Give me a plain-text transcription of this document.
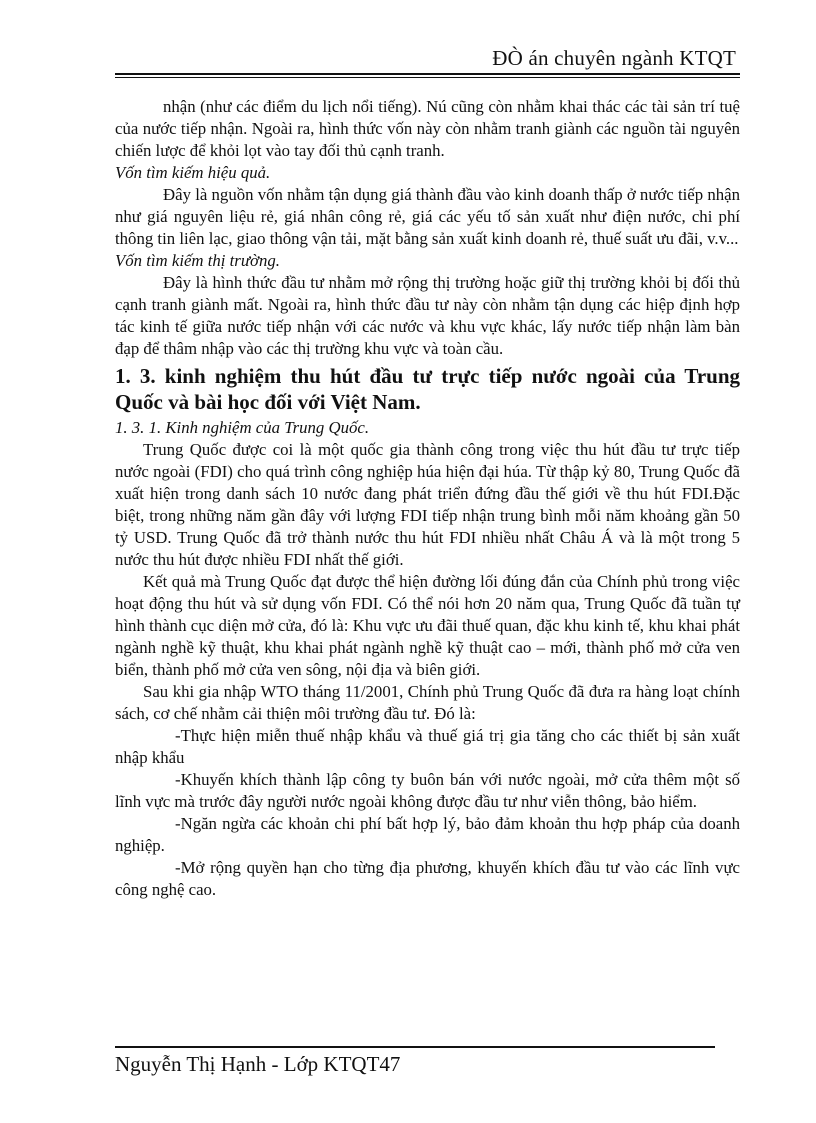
ĐÒ án chuyên ngành KTQT

nhận (như các điểm du lịch nổi tiếng). Nú cũng còn nhằm khai thác các tài sản trí tuệ của nước tiếp nhận. Ngoài ra, hình thức vốn này còn nhằm tranh giành các nguồn tài nguyên chiến lược để khỏi lọt vào tay đối thủ cạnh tranh.

Vốn tìm kiếm hiệu quả.

Đây là nguồn vốn nhằm tận dụng giá thành đầu vào kinh doanh thấp ở nước tiếp nhận như giá nguyên liệu rẻ, giá nhân công rẻ, giá các yếu tố sản xuất như điện nước, chi phí thông tin liên lạc, giao thông vận tải, mặt bằng sản xuất kinh doanh rẻ, thuế suất ưu đãi, v.v...

Vốn tìm kiếm thị trường.

Đây là hình thức đầu tư nhằm mở rộng thị trường hoặc giữ thị trường khỏi bị đối thủ cạnh tranh giành mất. Ngoài ra, hình thức đầu tư này còn nhằm tận dụng các hiệp định hợp tác kinh tế giữa nước tiếp nhận với các nước và khu vực khác, lấy nước tiếp nhận làm bàn đạp để thâm nhập vào các thị trường khu vực và toàn cầu.

1. 3. kinh nghiệm thu hút đầu tư trực tiếp nước ngoài của Trung Quốc và bài học đối với Việt Nam.

1. 3. 1. Kinh nghiệm của Trung Quốc.

Trung Quốc được coi là một quốc gia thành công trong việc thu hút đầu tư trực tiếp nước ngoài (FDI) cho quá trình công nghiệp húa hiện đại húa. Từ thập kỷ 80, Trung Quốc đã xuất hiện trong danh sách 10 nước đang phát triển đứng đầu thế giới về thu hút FDI.Đặc biệt, trong những năm gần đây với lượng FDI tiếp nhận trung bình mỗi năm khoảng gần 50 tỷ USD. Trung Quốc đã trở thành nước thu hút FDI nhiều nhất Châu Á và là một trong 5 nước thu hút được nhiều FDI nhất thế giới.

Kết quả mà Trung Quốc đạt được thể hiện đường lối đúng đắn của Chính phủ trong việc hoạt động thu hút và sử dụng vốn FDI. Có thể nói hơn 20 năm qua, Trung Quốc đã tuần tự hình thành cục diện mở cửa, đó là: Khu vực ưu đãi thuế quan, đặc khu kinh tế, khu khai phát ngành nghề kỹ thuật, khu khai phát ngành nghề kỹ thuật cao – mới, thành phố mở cửa ven biển, thành phố mở cửa ven sông, nội địa và biên giới.

Sau khi gia nhập WTO tháng 11/2001, Chính phủ Trung Quốc đã đưa ra hàng loạt chính sách, cơ chế nhằm cải thiện môi trường đầu tư. Đó là:

-Thực hiện miễn thuế nhập khẩu và thuế giá trị gia tăng cho các thiết bị sản xuất nhập khẩu

-Khuyến khích thành lập công ty buôn bán với nước ngoài, mở cửa thêm một số lĩnh vực mà trước đây người nước ngoài không được đầu tư như viễn thông, bảo hiểm.

-Ngăn ngừa các khoản chi phí bất hợp lý, bảo đảm khoản thu hợp pháp của doanh nghiệp.

-Mở rộng quyền hạn cho từng địa phương, khuyến khích đầu tư vào các lĩnh vực công nghệ cao.

Nguyễn Thị Hạnh - Lớp KTQT47
